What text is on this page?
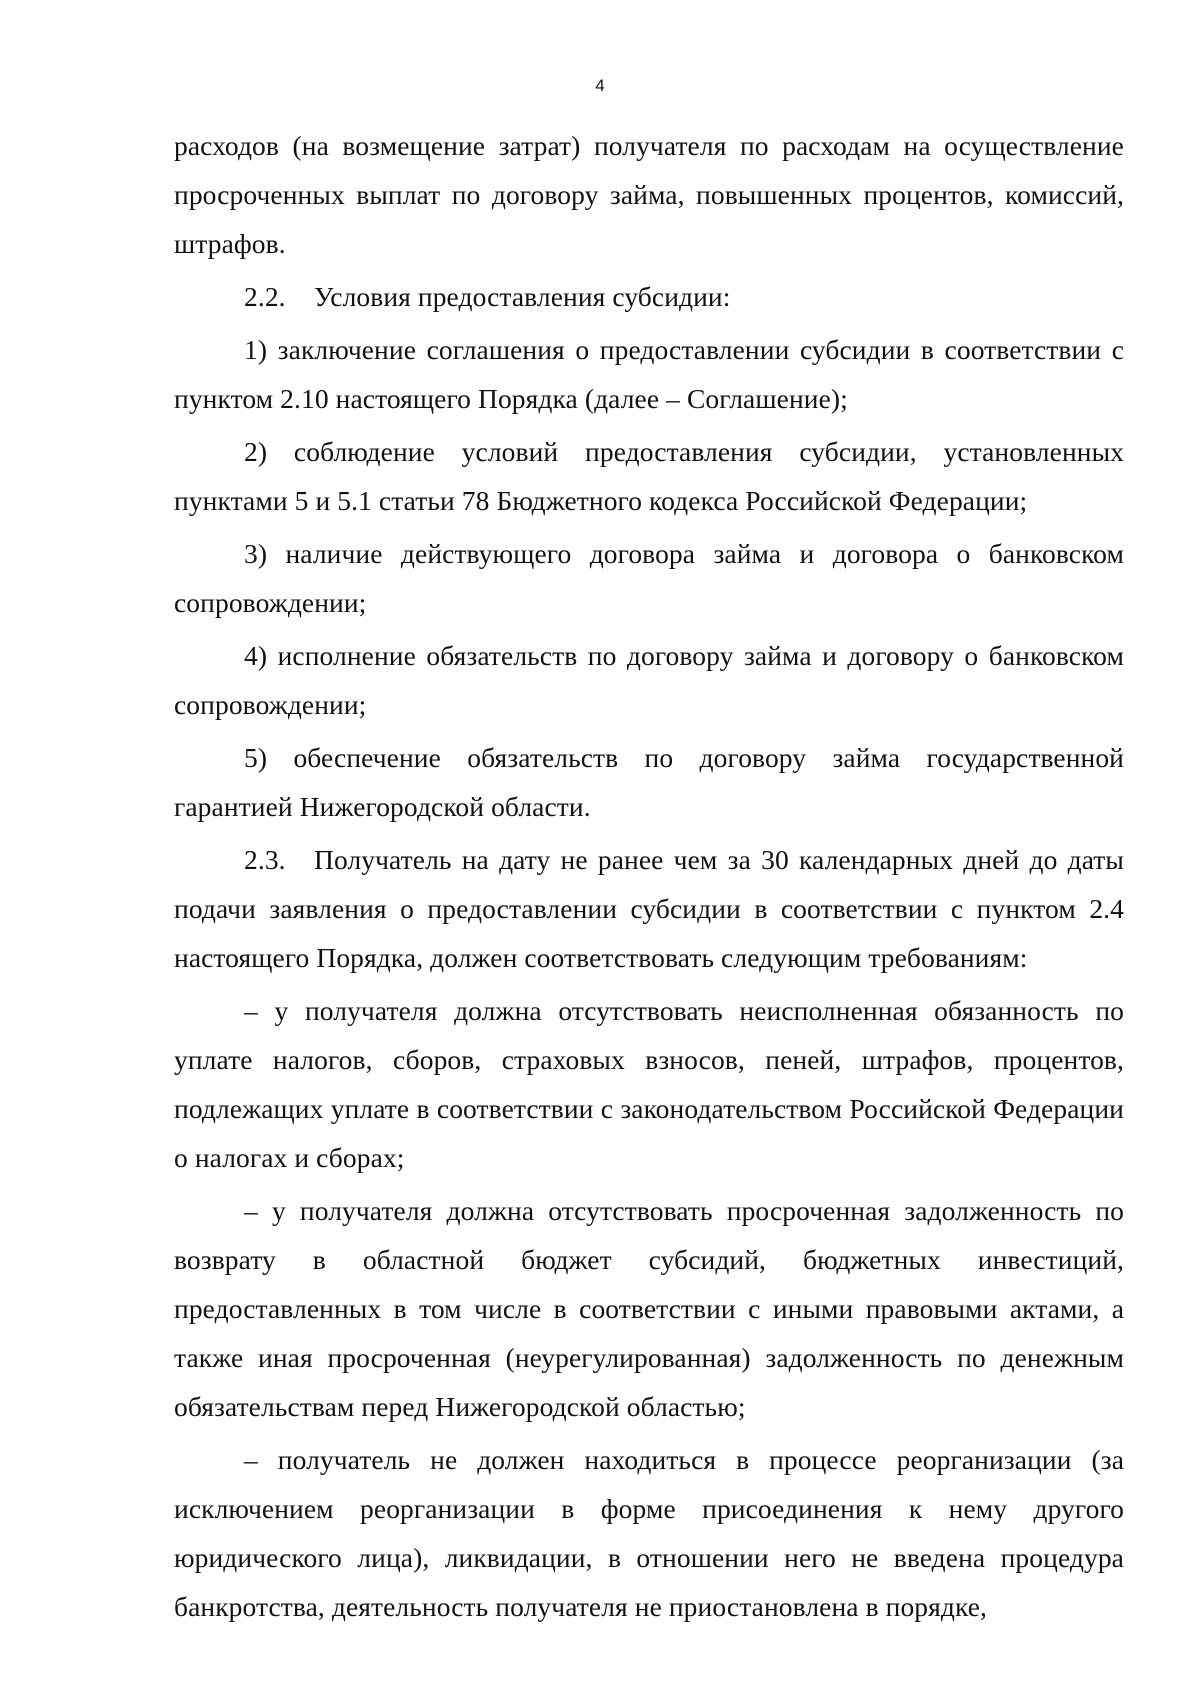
4

расходов (на возмещение затрат) получателя по расходам на осуществление просроченных выплат по договору займа, повышенных процентов, комиссий, штрафов.

2.2. Условия предоставления субсидии:

1) заключение соглашения о предоставлении субсидии в соответствии с пунктом 2.10 настоящего Порядка (далее – Соглашение);

2) соблюдение условий предоставления субсидии, установленных пунктами 5 и 5.1 статьи 78 Бюджетного кодекса Российской Федерации;

3) наличие действующего договора займа и договора о банковском сопровождении;

4) исполнение обязательств по договору займа и договору о банковском сопровождении;

5) обеспечение обязательств по договору займа государственной гарантией Нижегородской области.

2.3. Получатель на дату не ранее чем за 30 календарных дней до даты подачи заявления о предоставлении субсидии в соответствии с пунктом 2.4 настоящего Порядка, должен соответствовать следующим требованиям:

– у получателя должна отсутствовать неисполненная обязанность по уплате налогов, сборов, страховых взносов, пеней, штрафов, процентов, подлежащих уплате в соответствии с законодательством Российской Федерации о налогах и сборах;

– у получателя должна отсутствовать просроченная задолженность по возврату в областной бюджет субсидий, бюджетных инвестиций, предоставленных в том числе в соответствии с иными правовыми актами, а также иная просроченная (неурегулированная) задолженность по денежным обязательствам перед Нижегородской областью;

– получатель не должен находиться в процессе реорганизации (за исключением реорганизации в форме присоединения к нему другого юридического лица), ликвидации, в отношении него не введена процедура банкротства, деятельность получателя не приостановлена в порядке,
